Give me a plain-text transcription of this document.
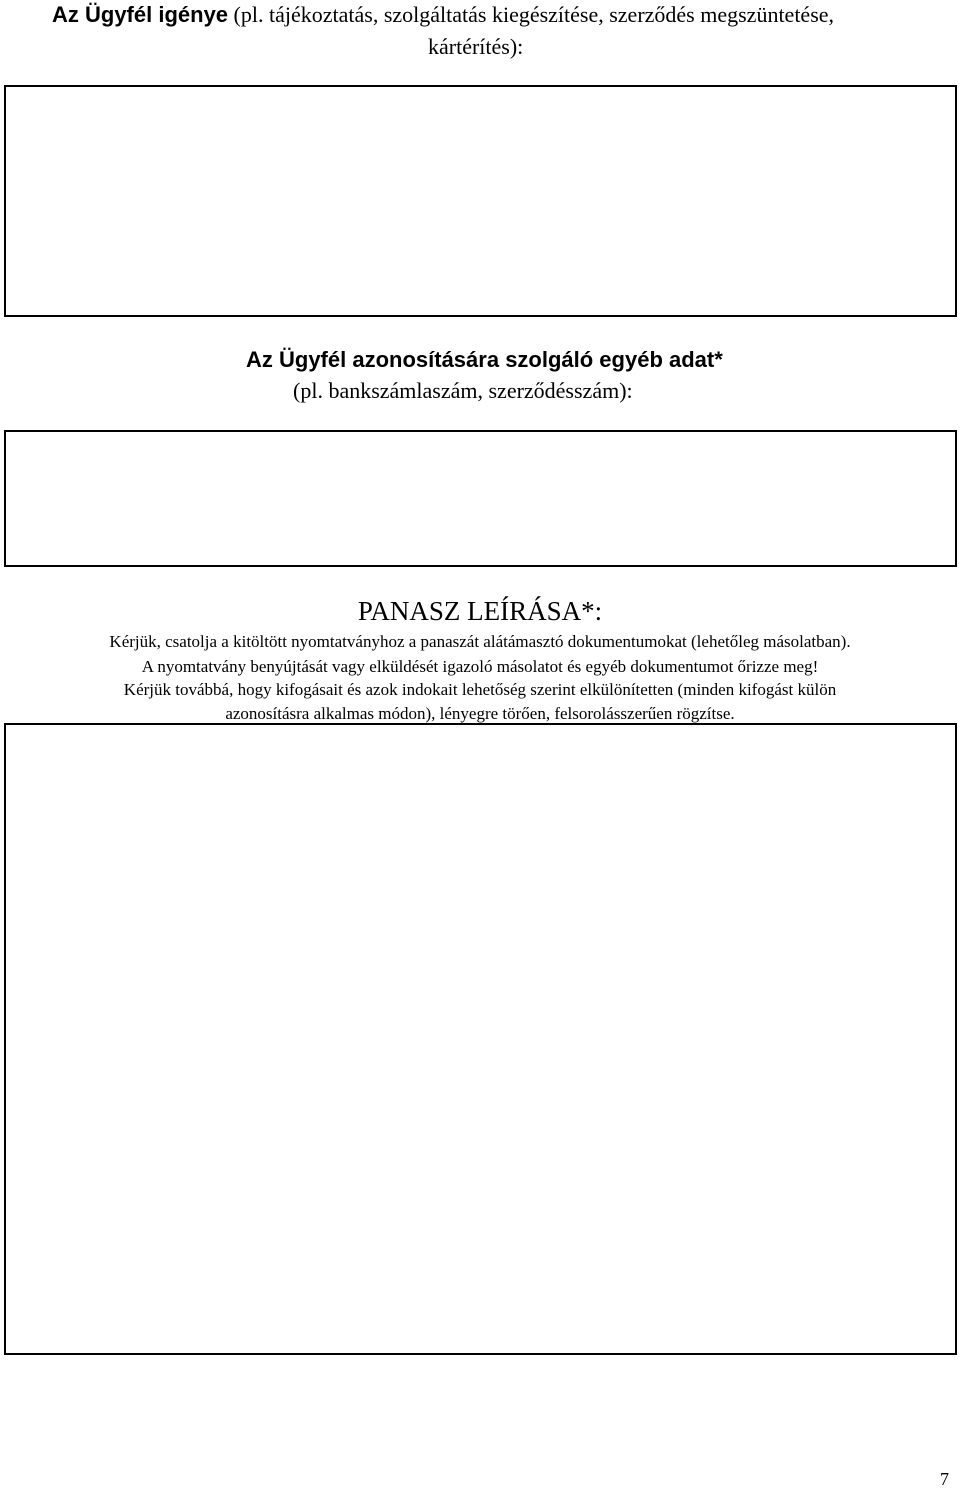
Az Ügyfél igénye (pl. tájékoztatás, szolgáltatás kiegészítése, szerződés megszüntetése,
kártérítés):
Az Ügyfél azonosítására szolgáló egyéb adat*
(pl. bankszámlaszám, szerződésszám):
PANASZ LEÍRÁSA*:
Kérjük, csatolja a kitöltött nyomtatványhoz a panaszát alátámasztó dokumentumokat (lehetőleg másolatban).
A nyomtatvány benyújtását vagy elküldését igazoló másolatot és egyéb dokumentumot őrizze meg!
Kérjük továbbá, hogy kifogásait és azok indokait lehetőség szerint elkülönítetten (minden kifogást külön
azonosításra alkalmas módon), lényegre törően, felsorolásszerűen rögzítse.
7
